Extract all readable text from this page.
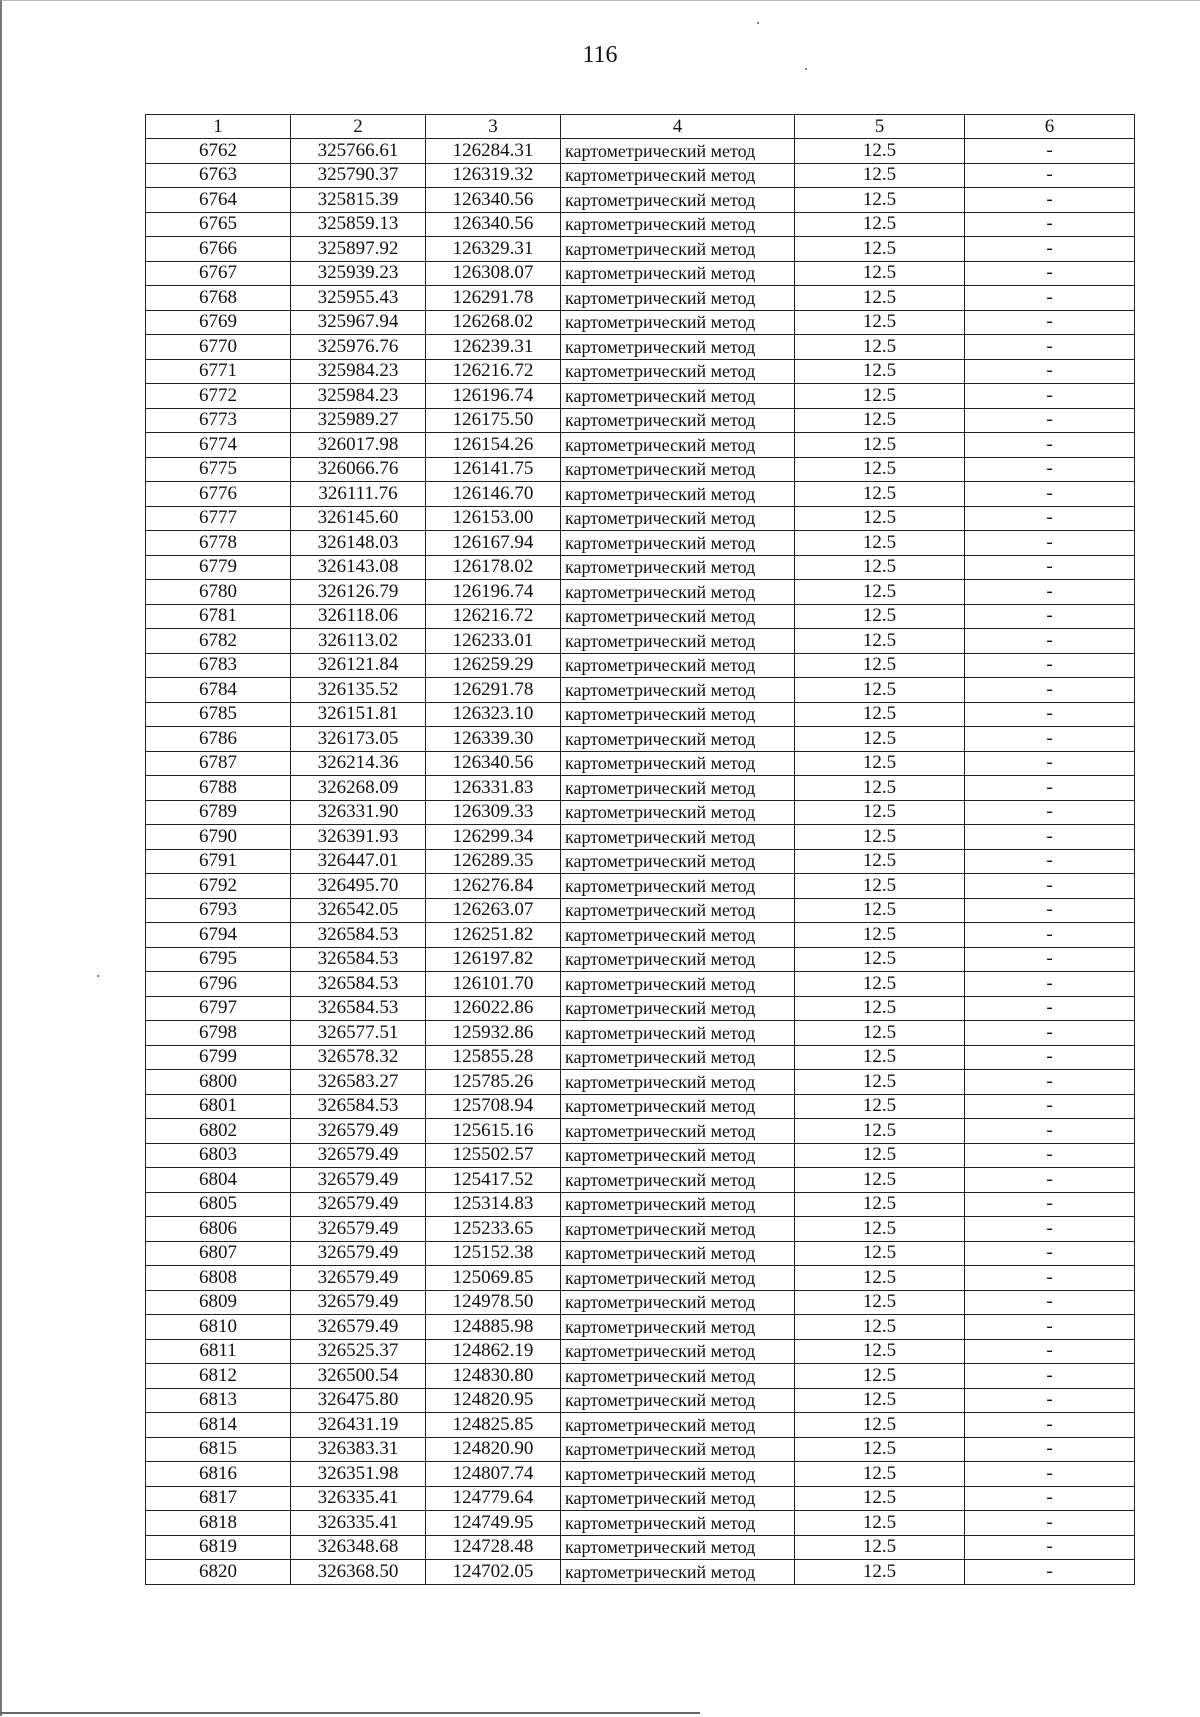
116
1	2	3	4	5	6
6762	325766.61	126284.31	картометрический метод	12.5	-
6763	325790.37	126319.32	картометрический метод	12.5	-
6764	325815.39	126340.56	картометрический метод	12.5	-
6765	325859.13	126340.56	картометрический метод	12.5	-
6766	325897.92	126329.31	картометрический метод	12.5	-
6767	325939.23	126308.07	картометрический метод	12.5	-
6768	325955.43	126291.78	картометрический метод	12.5	-
6769	325967.94	126268.02	картометрический метод	12.5	-
6770	325976.76	126239.31	картометрический метод	12.5	-
6771	325984.23	126216.72	картометрический метод	12.5	-
6772	325984.23	126196.74	картометрический метод	12.5	-
6773	325989.27	126175.50	картометрический метод	12.5	-
6774	326017.98	126154.26	картометрический метод	12.5	-
6775	326066.76	126141.75	картометрический метод	12.5	-
6776	326111.76	126146.70	картометрический метод	12.5	-
6777	326145.60	126153.00	картометрический метод	12.5	-
6778	326148.03	126167.94	картометрический метод	12.5	-
6779	326143.08	126178.02	картометрический метод	12.5	-
6780	326126.79	126196.74	картометрический метод	12.5	-
6781	326118.06	126216.72	картометрический метод	12.5	-
6782	326113.02	126233.01	картометрический метод	12.5	-
6783	326121.84	126259.29	картометрический метод	12.5	-
6784	326135.52	126291.78	картометрический метод	12.5	-
6785	326151.81	126323.10	картометрический метод	12.5	-
6786	326173.05	126339.30	картометрический метод	12.5	-
6787	326214.36	126340.56	картометрический метод	12.5	-
6788	326268.09	126331.83	картометрический метод	12.5	-
6789	326331.90	126309.33	картометрический метод	12.5	-
6790	326391.93	126299.34	картометрический метод	12.5	-
6791	326447.01	126289.35	картометрический метод	12.5	-
6792	326495.70	126276.84	картометрический метод	12.5	-
6793	326542.05	126263.07	картометрический метод	12.5	-
6794	326584.53	126251.82	картометрический метод	12.5	-
6795	326584.53	126197.82	картометрический метод	12.5	-
6796	326584.53	126101.70	картометрический метод	12.5	-
6797	326584.53	126022.86	картометрический метод	12.5	-
6798	326577.51	125932.86	картометрический метод	12.5	-
6799	326578.32	125855.28	картометрический метод	12.5	-
6800	326583.27	125785.26	картометрический метод	12.5	-
6801	326584.53	125708.94	картометрический метод	12.5	-
6802	326579.49	125615.16	картометрический метод	12.5	-
6803	326579.49	125502.57	картометрический метод	12.5	-
6804	326579.49	125417.52	картометрический метод	12.5	-
6805	326579.49	125314.83	картометрический метод	12.5	-
6806	326579.49	125233.65	картометрический метод	12.5	-
6807	326579.49	125152.38	картометрический метод	12.5	-
6808	326579.49	125069.85	картометрический метод	12.5	-
6809	326579.49	124978.50	картометрический метод	12.5	-
6810	326579.49	124885.98	картометрический метод	12.5	-
6811	326525.37	124862.19	картометрический метод	12.5	-
6812	326500.54	124830.80	картометрический метод	12.5	-
6813	326475.80	124820.95	картометрический метод	12.5	-
6814	326431.19	124825.85	картометрический метод	12.5	-
6815	326383.31	124820.90	картометрический метод	12.5	-
6816	326351.98	124807.74	картометрический метод	12.5	-
6817	326335.41	124779.64	картометрический метод	12.5	-
6818	326335.41	124749.95	картометрический метод	12.5	-
6819	326348.68	124728.48	картометрический метод	12.5	-
6820	326368.50	124702.05	картометрический метод	12.5	-
